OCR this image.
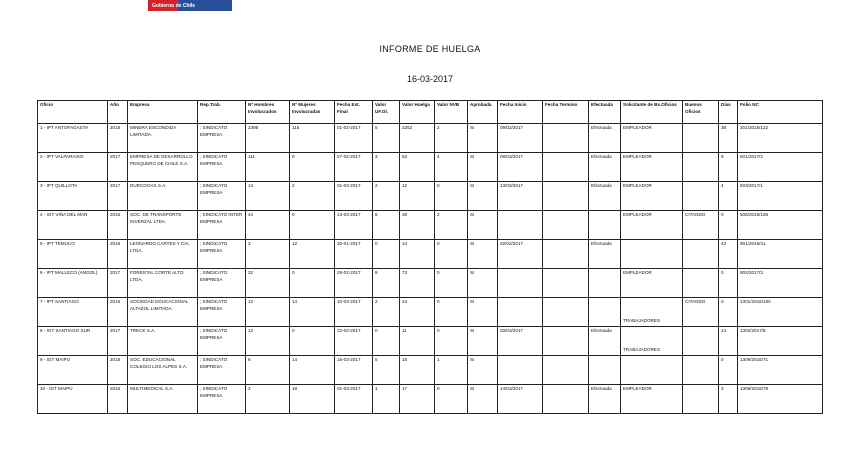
Gobierno de Chile
INFORME DE HUELGA
16-03-2017
Oficio	Año	Empresa	Rep.Trab.	Nº Hombres Involucrados	Nº Mujeres Involucradas	Fecha Est. Final	Valor UF.Ol.	Valor Huelga	Valor NVB	Aprobada	Fecha Inicio	Fecha Termino	Efectuada	Solicitante de Bs.Oficios	Buenos Oficios	Días	Folio NC
1 - IPT ANTOFAGASTA	2016	MINERA ESCONDIDA LIMITADA.	; SINDICATO EMPRESA	2395	115	01-02-2017	5	2252	2	SI	09/02/2017		Efectuada	EMPLEADOR		38	201/2016/122
2 - IPT VALPARAISO	2017	EMPRESA DE DESARROLLO PESQUERO DE CHILE S.A.	; SINDICATO EMPRESA	111	0	27-02-2017	3	83	4	SI	08/03/2017		Efectuada	EMPLEADOR		9	501/2017/2
3 - IPT QUILLOTA	2017	DURCOGAS S.A.	; SINDICATO EMPRESA	14	2	01-03-2017	2	12	0	SI	13/03/2017		Efectuada	EMPLEADOR		4	503/2017/1
4 - IGT VIÑA DEL MAR	2016	SOC. DE TRANSPORTE INVERZAL LTDA.	; SINDICATO INTER EMPRESA	44	0	13-03-2017	8	28	2	SI				EMPLEADOR	CITANDO	0	508/2016/166
5 - IPT TEMUCO	2016	LEONARDO CARTES Y CIA. LTDA.	; SINDICATO EMPRESA	3	12	30-01-2017	0	14	0	SI	02/02/2017		Efectuada			43	901/2016/41
6 - IPT MALLECO (ANGOL)	2017	FORESTAL CORTE ALTO LTDA.	; SINDICATO EMPRESA	32	0	28-02-2017	8	73	0	SI				EMPLEADOR		0	902/2017/3
7 - IPT SANTIAGO	2016	SOCIEDAD EDUCACIONAL ALTAZOL LIMITADA.	; SINDICATO EMPRESA	12	14	10-03-2017	2	24	0	SI				TRABAJADORES	CITANDO	0	1301/2016/180
8 - IGT SANTIAGO SUR	2017	TRECK S.A.	; SINDICATO EMPRESA	12	0	22-02-2017	0	11	0	SI	03/03/2017		Efectuada	TRABAJADORES		14	1302/2017/8
9 - IGT MAIPÚ	2016	SOC. EDUCACIONAL COLEGIO LOS ALPES S.A.	; SINDICATO EMPRESA	8	14	15-03-2017	5	15	1	SI						0	1309/2016/71
10 - IGT MAIPÚ	2016	MULTIMEDICAL S.A.	; SINDICATO EMPRESA	3	18	01-03-2017	1	17	0	SI	14/03/2017		Efectuada	EMPLEADOR		3	1309/2016/78
